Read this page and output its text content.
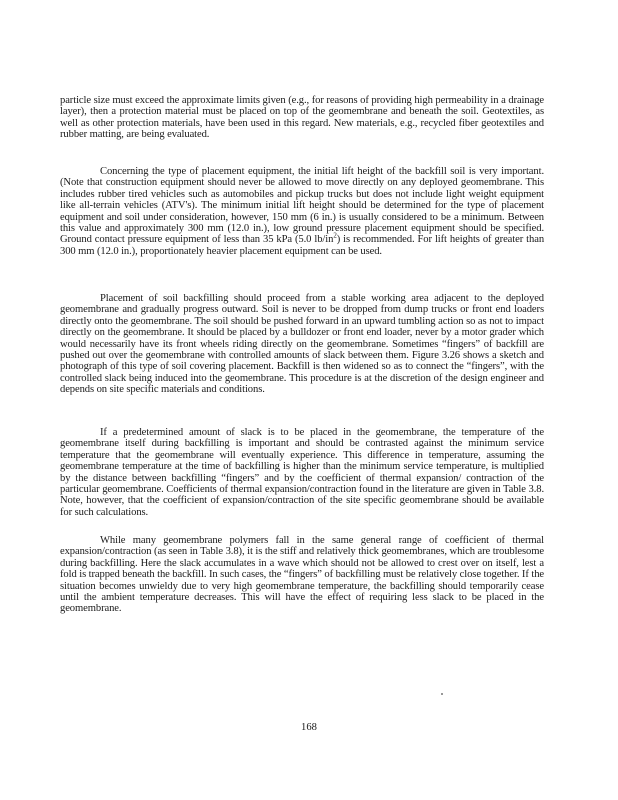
particle size must exceed the approximate limits given (e.g., for reasons of providing high permeability in a drainage layer), then a protection material must be placed on top of the geomembrane and beneath the soil. Geotextiles, as well as other protection materials, have been used in this regard. New materials, e.g., recycled fiber geotextiles and rubber matting, are being evaluated.

Concerning the type of placement equipment, the initial lift height of the backfill soil is very important. (Note that construction equipment should never be allowed to move directly on any deployed geomembrane. This includes rubber tired vehicles such as automobiles and pickup trucks but does not include light weight equipment like all-terrain vehicles (ATV's). The minimum initial lift height should be determined for the type of placement equipment and soil under consideration, however, 150 mm (6 in.) is usually considered to be a minimum. Between this value and approximately 300 mm (12.0 in.), low ground pressure placement equipment should be specified. Ground contact pressure equipment of less than 35 kPa (5.0 $lb/in^2$) is recommended. For lift heights of greater than 300 mm (12.0 in.), proportionately heavier placement equipment can be used.

Placement of soil backfilling should proceed from a stable working area adjacent to the deployed geomembrane and gradually progress outward. Soil is never to be dropped from dump trucks or front end loaders directly onto the geomembrane. The soil should be pushed forward in an upward tumbling action so as not to impact directly on the geomembrane. It should be placed by a bulldozer or front end loader, never by a motor grader which would necessarily have its front wheels riding directly on the geomembrane. Sometimes “fingers” of backfill are pushed out over the geomembrane with controlled amounts of slack between them. Figure 3.26 shows a sketch and photograph of this type of soil covering placement. Backfill is then widened so as to connect the “fingers”, with the controlled slack being induced into the geomembrane. This procedure is at the discretion of the design engineer and depends on site specific materials and conditions.

If a predetermined amount of slack is to be placed in the geomembrane, the temperature of the geomembrane itself during backfilling is important and should be contrasted against the minimum service temperature that the geomembrane will eventually experience. This difference in temperature, assuming the geomembrane temperature at the time of backfilling is higher than the minimum service temperature, is multiplied by the distance between backfilling “fingers” and by the coefficient of thermal expansion/ contraction of the particular geomembrane. Coefficients of thermal expansion/contraction found in the literature are given in Table 3.8. Note, however, that the coefficient of expansion/contraction of the site specific geomembrane should be available for such calculations.

While many geomembrane polymers fall in the same general range of coefficient of thermal expansion/contraction (as seen in Table 3.8), it is the stiff and relatively thick geomembranes, which are troublesome during backfilling. Here the slack accumulates in a wave which should not be allowed to crest over on itself, lest a fold is trapped beneath the backfill. In such cases, the “fingers” of backfilling must be relatively close together. If the situation becomes unwieldy due to very high geomembrane temperature, the backfilling should temporarily cease until the ambient temperature decreases. This will have the effect of requiring less slack to be placed in the geomembrane.

168
